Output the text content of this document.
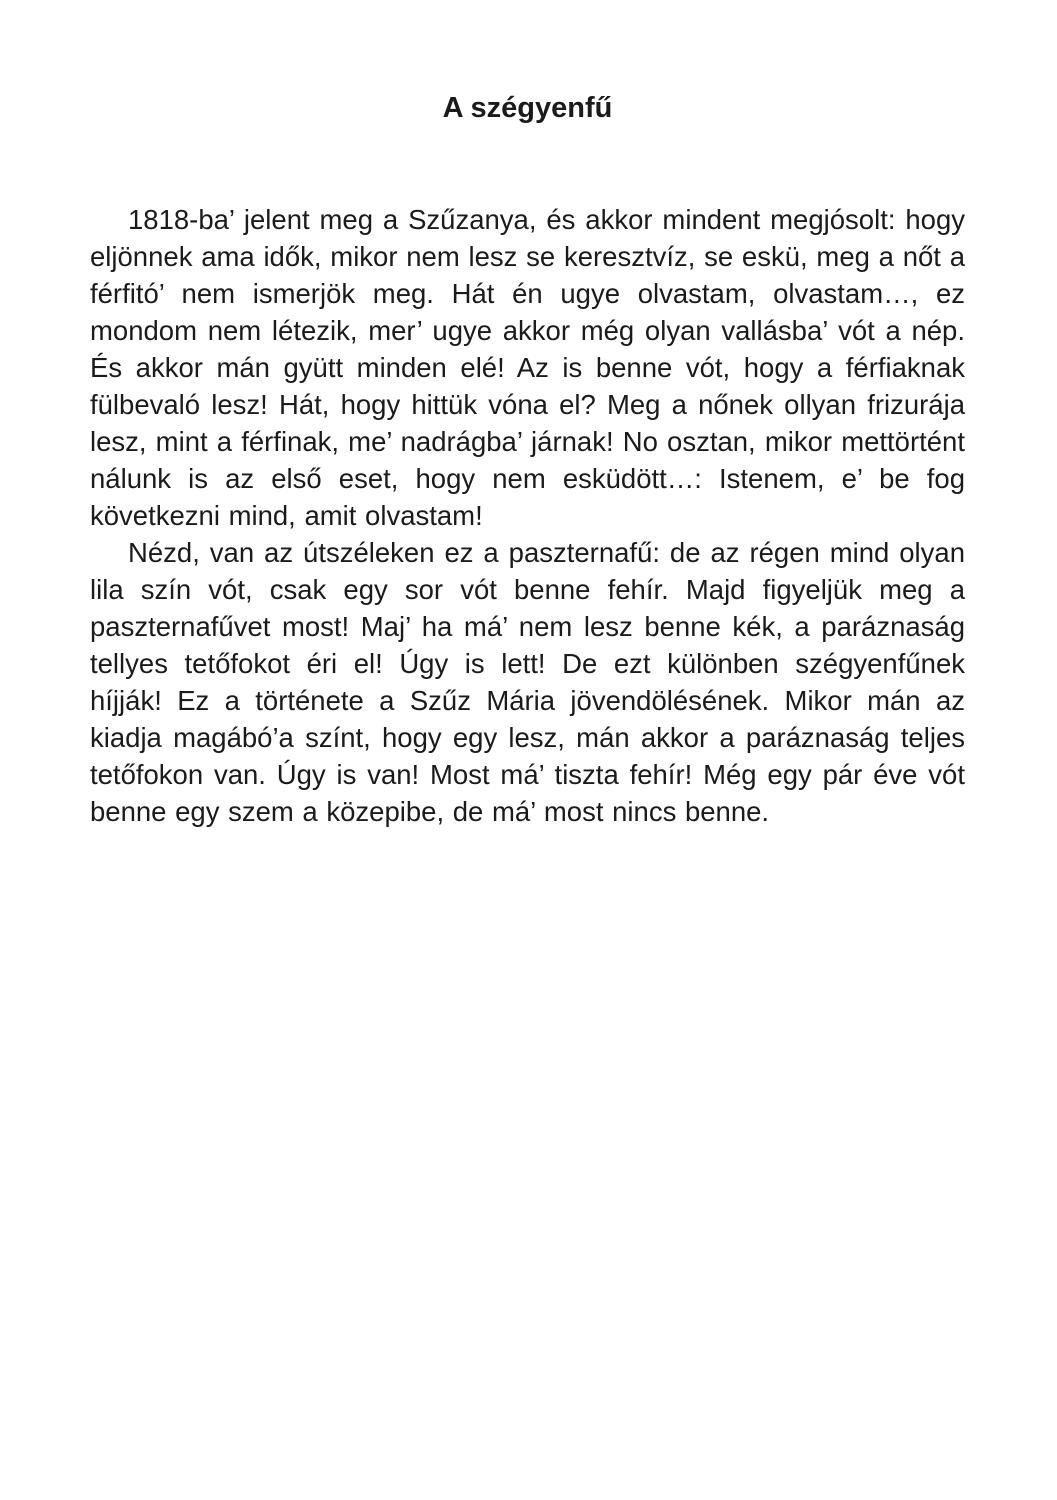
A szégyenfű

1818-ba’ jelent meg a Szűzanya, és akkor mindent megjósolt: hogy eljönnek ama idők, mikor nem lesz se keresztvíz, se eskü, meg a nőt a férfitó’ nem ismerjök meg. Hát én ugye olvastam, olvastam…, ez mondom nem létezik, mer’ ugye akkor még olyan vallásba’ vót a nép. És akkor mán gyütt minden elé! Az is benne vót, hogy a férfiaknak fülbevaló lesz! Hát, hogy hittük vóna el? Meg a nőnek ollyan frizurája lesz, mint a férfinak, me’ nadrágba’ járnak! No osztan, mikor mettörtént nálunk is az első eset, hogy nem esküdött…: Istenem, e’ be fog következni mind, amit olvastam!

Nézd, van az útszéleken ez a paszternafű: de az régen mind olyan lila szín vót, csak egy sor vót benne fehír. Majd figyeljük meg a paszternafűvet most! Maj’ ha má’ nem lesz benne kék, a paráznaság tellyes tetőfokot éri el! Úgy is lett! De ezt különben szégyenfűnek híjják! Ez a története a Szűz Mária jövendölésének. Mikor mán az kiadja magábó’a színt, hogy egy lesz, mán akkor a paráznaság teljes tetőfokon van. Úgy is van! Most má’ tiszta fehír! Még egy pár éve vót benne egy szem a közepibe, de má’ most nincs benne.
